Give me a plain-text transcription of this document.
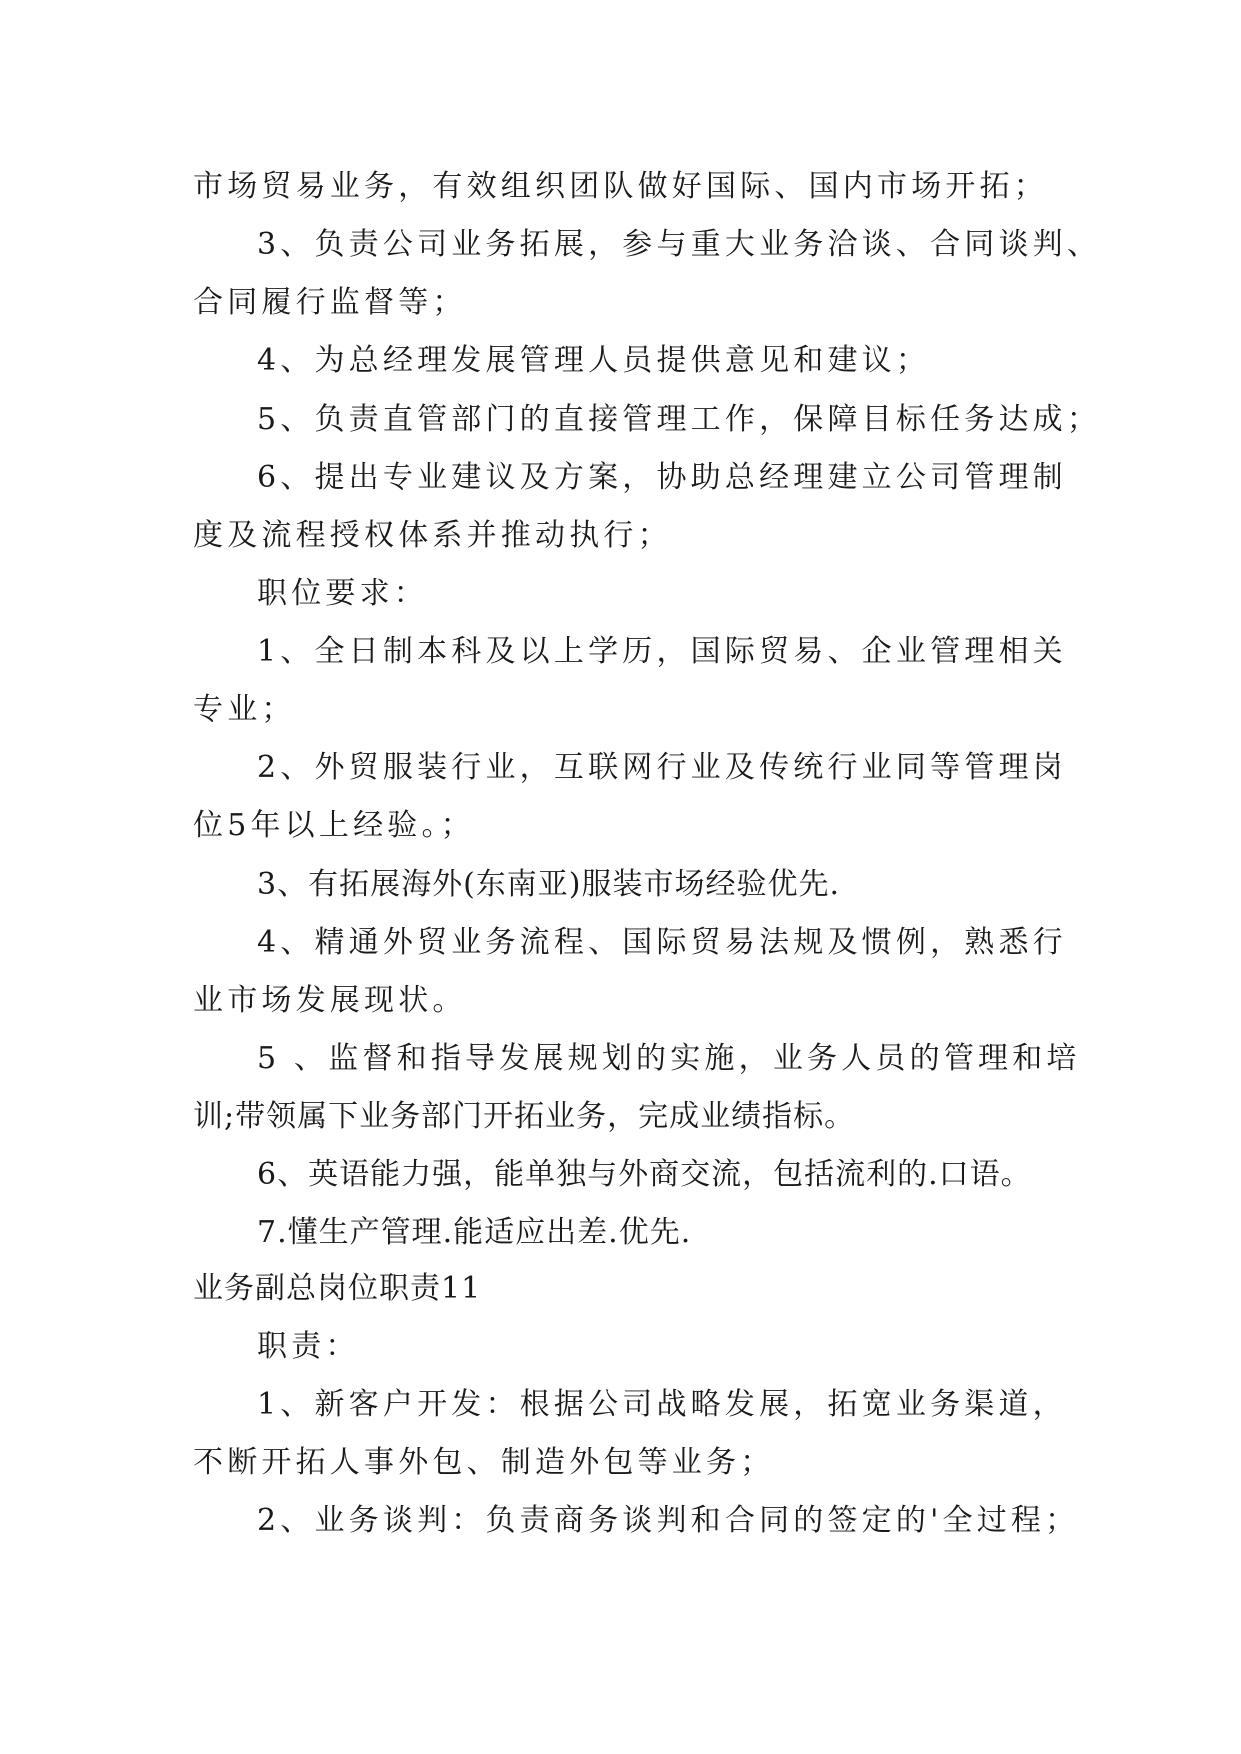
市场贸易业务，有效组织团队做好国际、国内市场开拓；
3、负责公司业务拓展，参与重大业务洽谈、合同谈判、
合同履行监督等；
4、为总经理发展管理人员提供意见和建议；
5、负责直管部门的直接管理工作，保障目标任务达成；
6、提出专业建议及方案，协助总经理建立公司管理制
度及流程授权体系并推动执行；
职位要求：
1、全日制本科及以上学历，国际贸易、企业管理相关
专业；
2、外贸服装行业，互联网行业及传统行业同等管理岗
位5年以上经验。；
3、有拓展海外(东南亚)服装市场经验优先.
4、精通外贸业务流程、国际贸易法规及惯例，熟悉行
业市场发展现状。
5 、监督和指导发展规划的实施，业务人员的管理和培
训;带领属下业务部门开拓业务，完成业绩指标。
6、英语能力强，能单独与外商交流，包括流利的.口语。
7.懂生产管理.能适应出差.优先.
业务副总岗位职责11
职责：
1、新客户开发：根据公司战略发展，拓宽业务渠道，
不断开拓人事外包、制造外包等业务；
2、业务谈判：负责商务谈判和合同的签定的'全过程；
